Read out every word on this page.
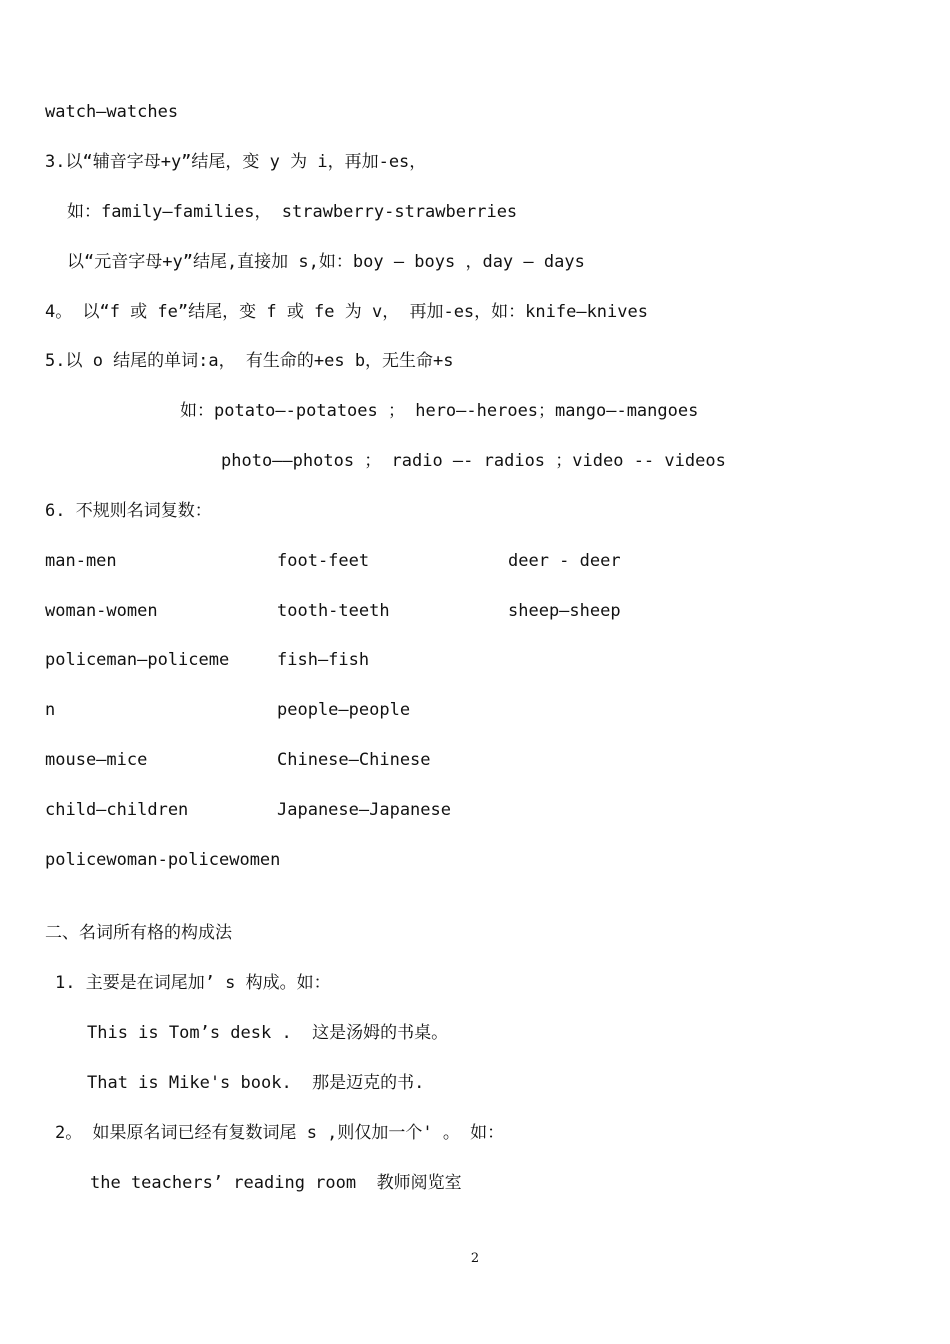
watch—watches
3.以“辅音字母+y”结尾，变 y 为 i，再加-es，
如：family—families， strawberry-strawberries
以“元音字母+y”结尾,直接加 s,如：boy — boys ，day — days
4。 以“f 或 fe”结尾，变 f 或 fe 为 v， 再加-es，如：knife—knives
5.以 o 结尾的单词:a， 有生命的+es b，无生命+s
如：potato—-potatoes ； hero—-heroes；mango—-mangoes
photo——photos ； radio —- radios ；video -- videos
6. 不规则名词复数：
man-men
woman-women
policeman—policeme
n
mouse—mice
child—children
policewoman-policewomen
foot-feet
tooth-teeth
fish—fish
people—people
Chinese—Chinese
Japanese—Japanese
deer - deer
sheep—sheep
二、名词所有格的构成法
1. 主要是在词尾加’ s 构成。如：
This is Tom’s desk .  这是汤姆的书桌。
That is Mike's book.  那是迈克的书.
2。 如果原名词已经有复数词尾 s ,则仅加一个' 。 如：
the teachers’ reading room  教师阅览室
2
